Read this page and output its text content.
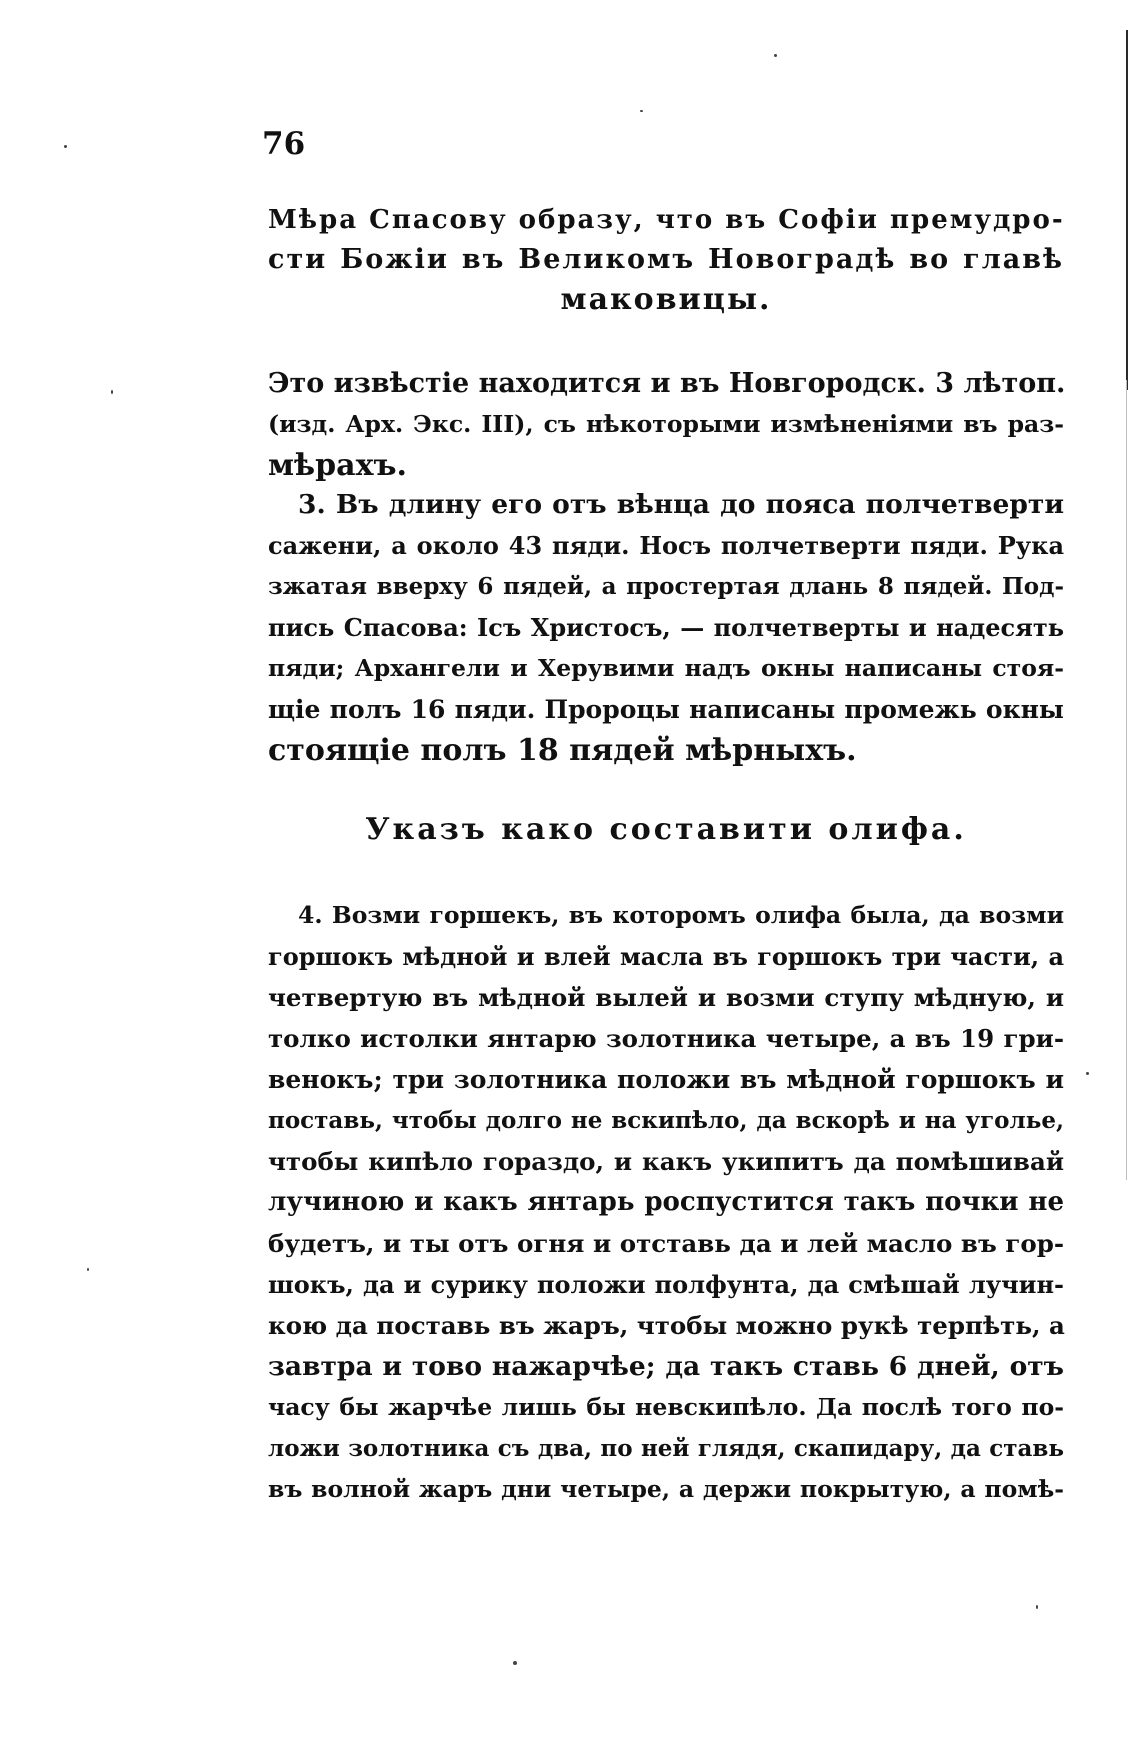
76
Мѣра Спасову образу, что въ Софіи премудро-
сти Божіи въ Великомъ Новоградѣ во главѣ
маковицы.
Это извѣстіе находится и въ Новгородск. 3 лѣтоп.
(изд. Арх. Экс. III), съ нѣкоторыми измѣненіями въ раз-
мѣрахъ.
3. Въ длину его отъ вѣнца до пояса полчетверти
сажени, а около 43 пяди. Носъ полчетверти пяди. Рука
зжатая вверху 6 пядей, а простертая длань 8 пядей. Под-
пись Спасова: Ісъ Христосъ, — полчетверты и надесять
пяди; Архангели и Херувими надъ окны написаны стоя-
щіе полъ 16 пяди. Пророцы написаны промежь окны
стоящіе полъ 18 пядей мѣрныхъ.
Указъ како составити олифа.
4. Возми горшекъ, въ которомъ олифа была, да возми
горшокъ мѣдной и влей масла въ горшокъ три части, а
четвертую въ мѣдной вылей и возми ступу мѣдную, и
толко истолки янтарю золотника четыре, а въ 19 гри-
венокъ; три золотника положи въ мѣдной горшокъ и
поставь, чтобы долго не вскипѣло, да вскорѣ и на уголье,
чтобы кипѣло гораздо, и какъ укипитъ да помѣшивай
лучиною и какъ янтарь роспустится такъ почки не
будетъ, и ты отъ огня и отставь да и лей масло въ гор-
шокъ, да и сурику положи полфунта, да смѣшай лучин-
кою да поставь въ жаръ, чтобы можно рукѣ терпѣть, а
завтра и тово нажарчѣе; да такъ ставь 6 дней, отъ
часу бы жарчѣе лишь бы невскипѣло. Да послѣ того по-
ложи золотника съ два, по ней глядя, скапидару, да ставь
въ волной жаръ дни четыре, а держи покрытую, а помѣ-
